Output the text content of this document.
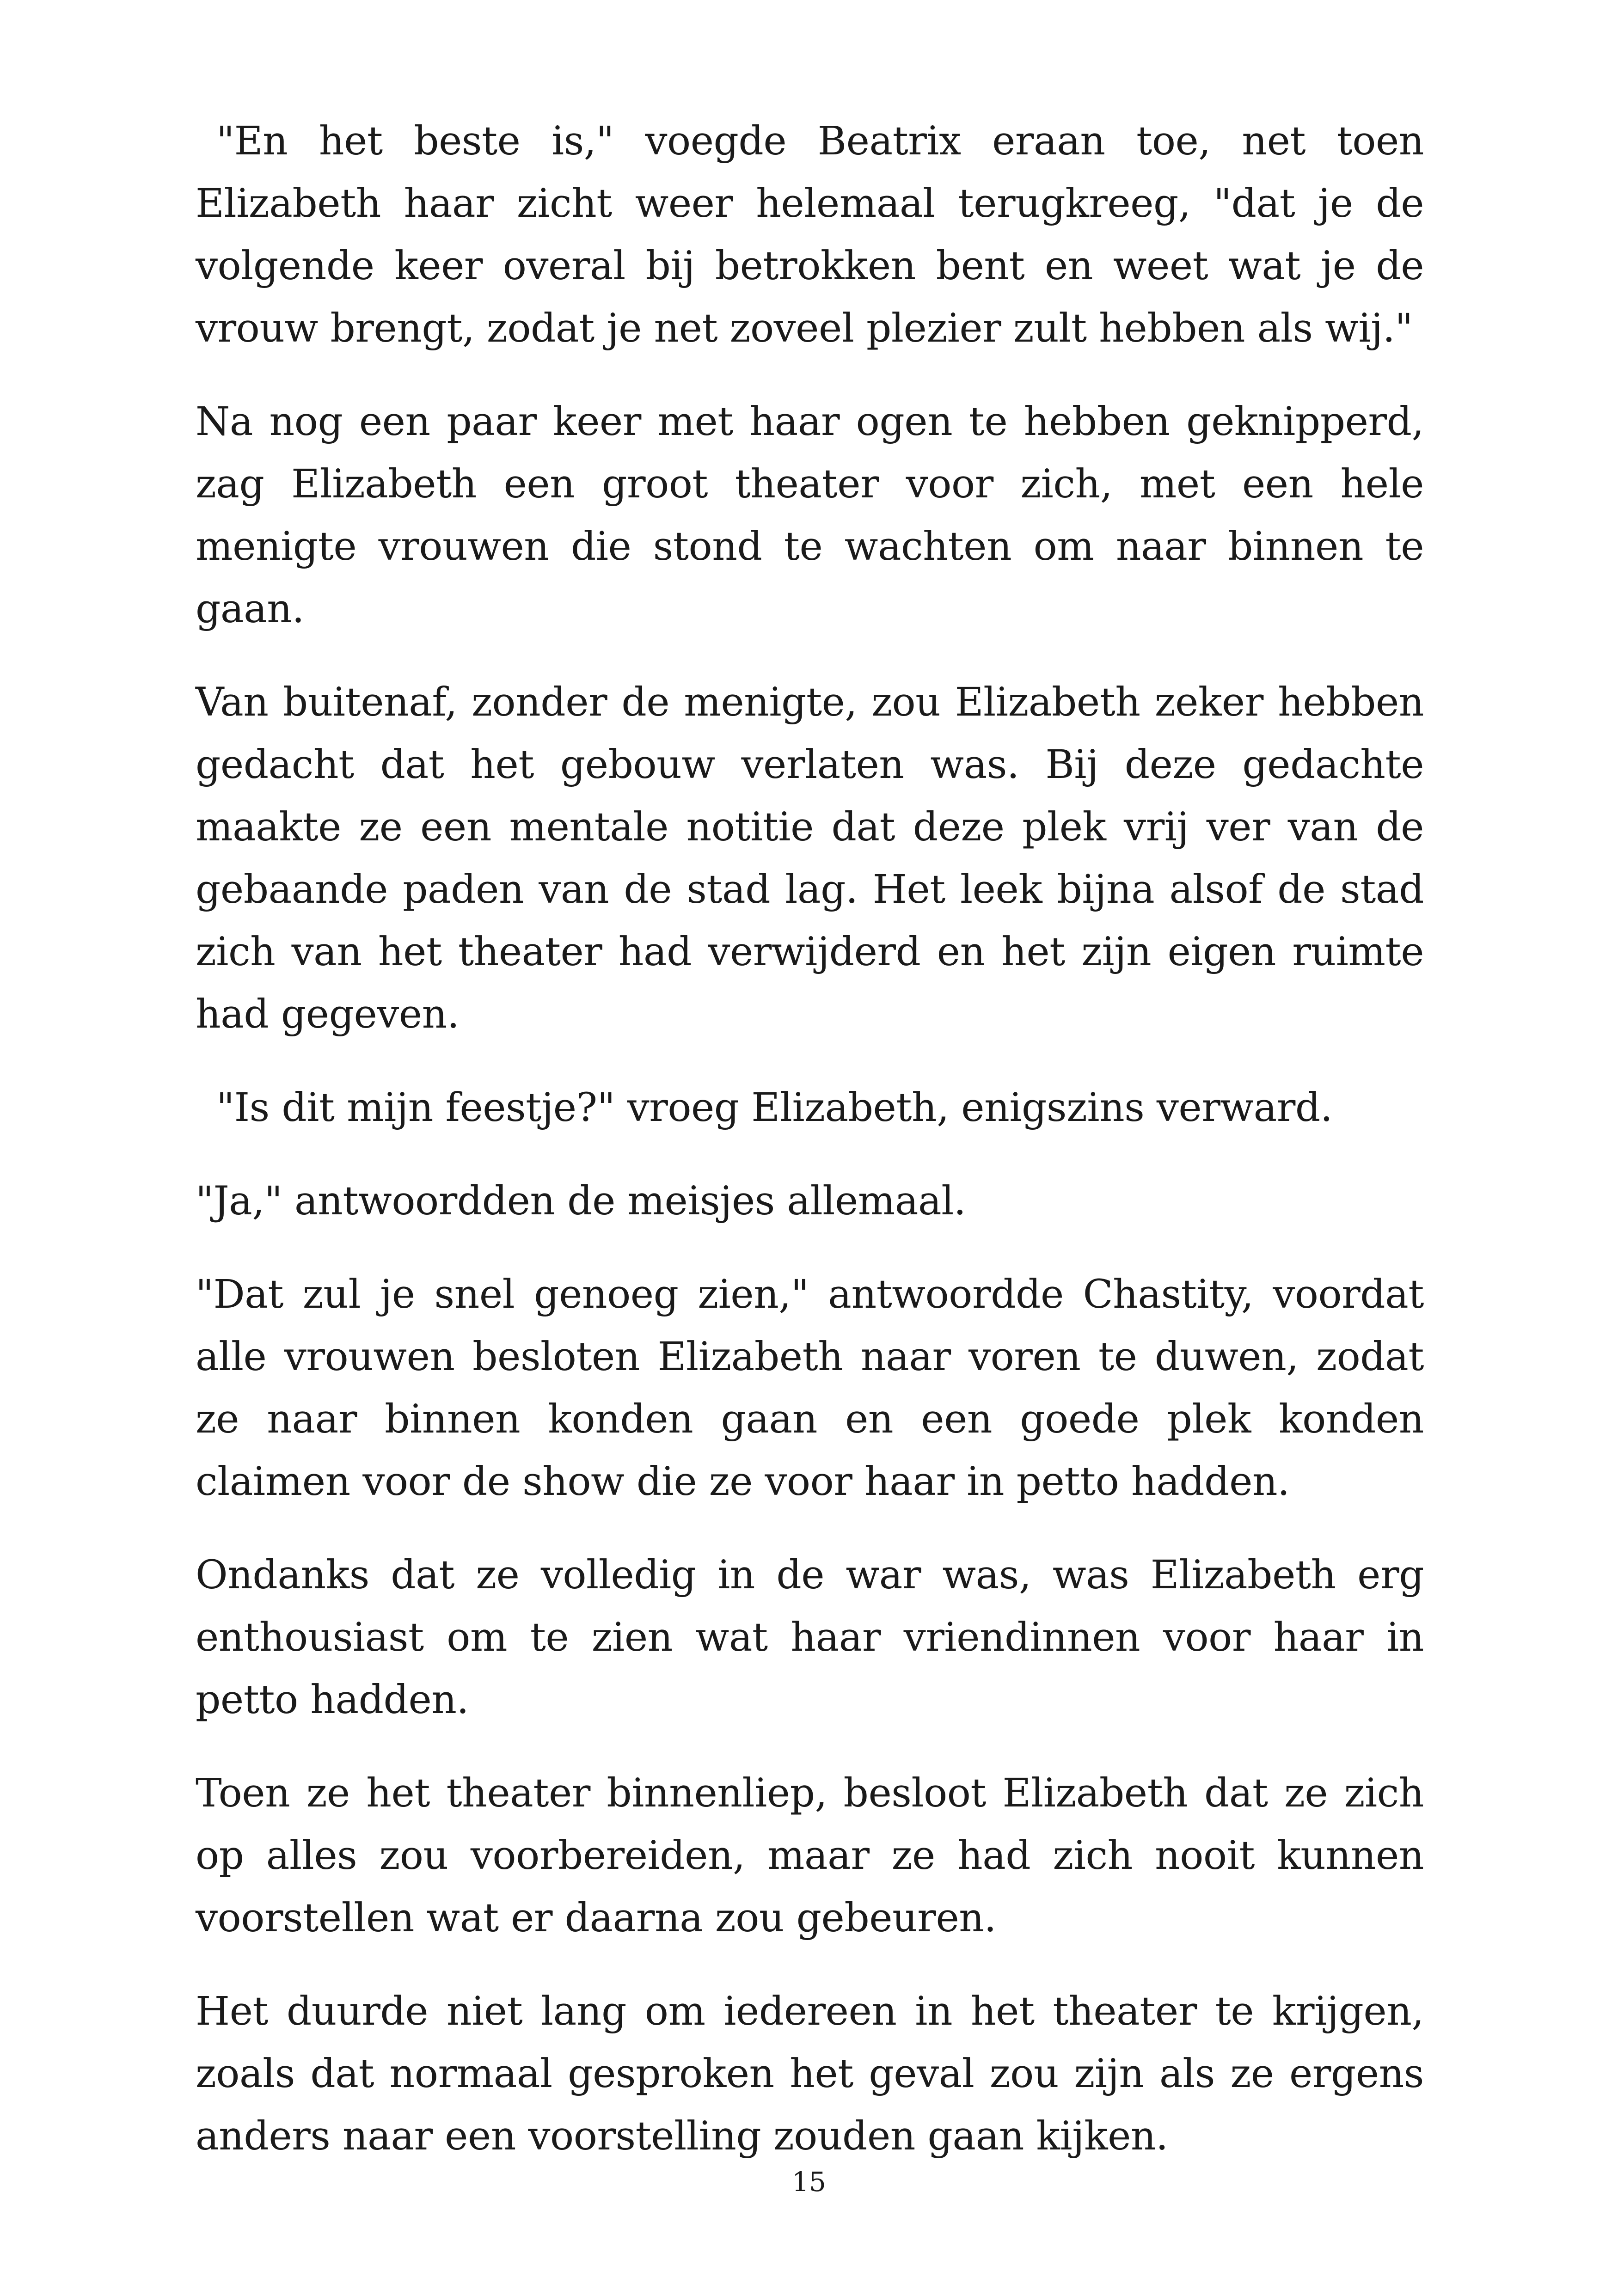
"En het beste is," voegde Beatrix eraan toe, net toen Elizabeth haar zicht weer helemaal terugkreeg, "dat je de volgende keer overal bij betrokken bent en weet wat je de vrouw brengt, zodat je net zoveel plezier zult hebben als wij."

Na nog een paar keer met haar ogen te hebben geknipperd, zag Elizabeth een groot theater voor zich, met een hele menigte vrouwen die stond te wachten om naar binnen te gaan.

Van buitenaf, zonder de menigte, zou Elizabeth zeker hebben gedacht dat het gebouw verlaten was. Bij deze gedachte maakte ze een mentale notitie dat deze plek vrij ver van de gebaande paden van de stad lag. Het leek bijna alsof de stad zich van het theater had verwijderd en het zijn eigen ruimte had gegeven.

"Is dit mijn feestje?" vroeg Elizabeth, enigszins verward.

"Ja," antwoordden de meisjes allemaal.

"Dat zul je snel genoeg zien," antwoordde Chastity, voordat alle vrouwen besloten Elizabeth naar voren te duwen, zodat ze naar binnen konden gaan en een goede plek konden claimen voor de show die ze voor haar in petto hadden.

Ondanks dat ze volledig in de war was, was Elizabeth erg enthousiast om te zien wat haar vriendinnen voor haar in petto hadden.

Toen ze het theater binnenliep, besloot Elizabeth dat ze zich op alles zou voorbereiden, maar ze had zich nooit kunnen voorstellen wat er daarna zou gebeuren.

Het duurde niet lang om iedereen in het theater te krijgen, zoals dat normaal gesproken het geval zou zijn als ze ergens anders naar een voorstelling zouden gaan kijken.

15
